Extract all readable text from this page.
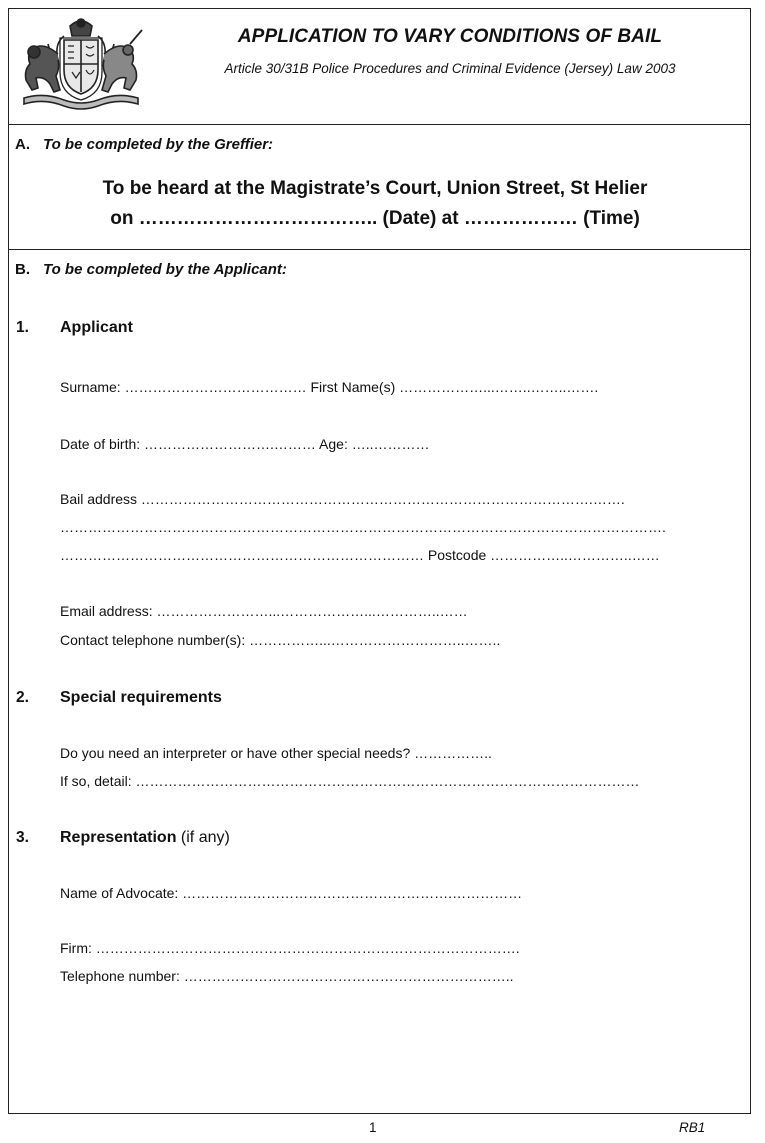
APPLICATION TO VARY CONDITIONS OF BAIL
Article 30/31B Police Procedures and Criminal Evidence (Jersey) Law 2003
A. To be completed by the Greffier:
To be heard at the Magistrate’s Court, Union Street, St Helier
on ……………………………….. (Date) at ……………… (Time)
B. To be completed by the Applicant:
1. Applicant
Surname: ………………………………… First Name(s) ………………...……..……..…….
Date of birth: ……………………….……… Age: …..…………
Bail address …………………………………………………………………………………….…….
………………………………………………………………………………………………………………….
…………………………………………………………………… Postcode ……………..…………..……
Email address: ……………………...………………...…………..……
Contact telephone number(s): ……………...………………………..……..
2. Special requirements
Do you need an interpreter or have other special needs? ……………..
If so, detail: ………………………………………………………………………………………………
3. Representation (if any)
Name of Advocate: ………………………………………………….……………
Firm: ……………………………………………………………………………….
Telephone number: ……………………………………………………………..
1	RB1
